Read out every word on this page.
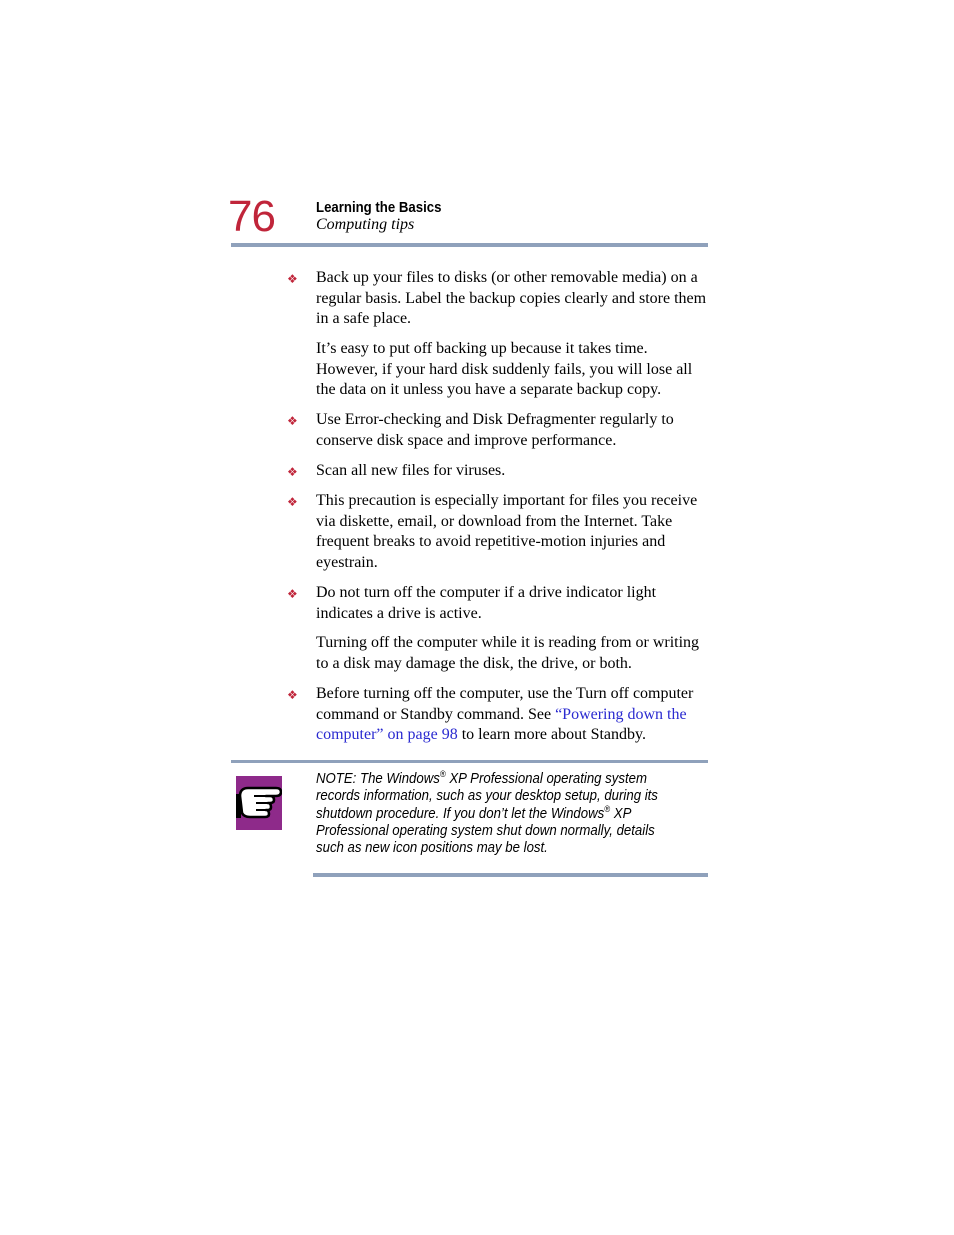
76	Learning the Basics
Computing tips
❖ Back up your files to disks (or other removable media) on a regular basis. Label the backup copies clearly and store them in a safe place.
It’s easy to put off backing up because it takes time. However, if your hard disk suddenly fails, you will lose all the data on it unless you have a separate backup copy.
❖ Use Error-checking and Disk Defragmenter regularly to conserve disk space and improve performance.
❖ Scan all new files for viruses.
❖ This precaution is especially important for files you receive via diskette, email, or download from the Internet. Take frequent breaks to avoid repetitive-motion injuries and eyestrain.
❖ Do not turn off the computer if a drive indicator light indicates a drive is active.
Turning off the computer while it is reading from or writing to a disk may damage the disk, the drive, or both.
❖ Before turning off the computer, use the Turn off computer command or Standby command. See “Powering down the computer” on page 98 to learn more about Standby.
NOTE: The Windows® XP Professional operating system records information, such as your desktop setup, during its shutdown procedure. If you don’t let the Windows® XP Professional operating system shut down normally, details such as new icon positions may be lost.
